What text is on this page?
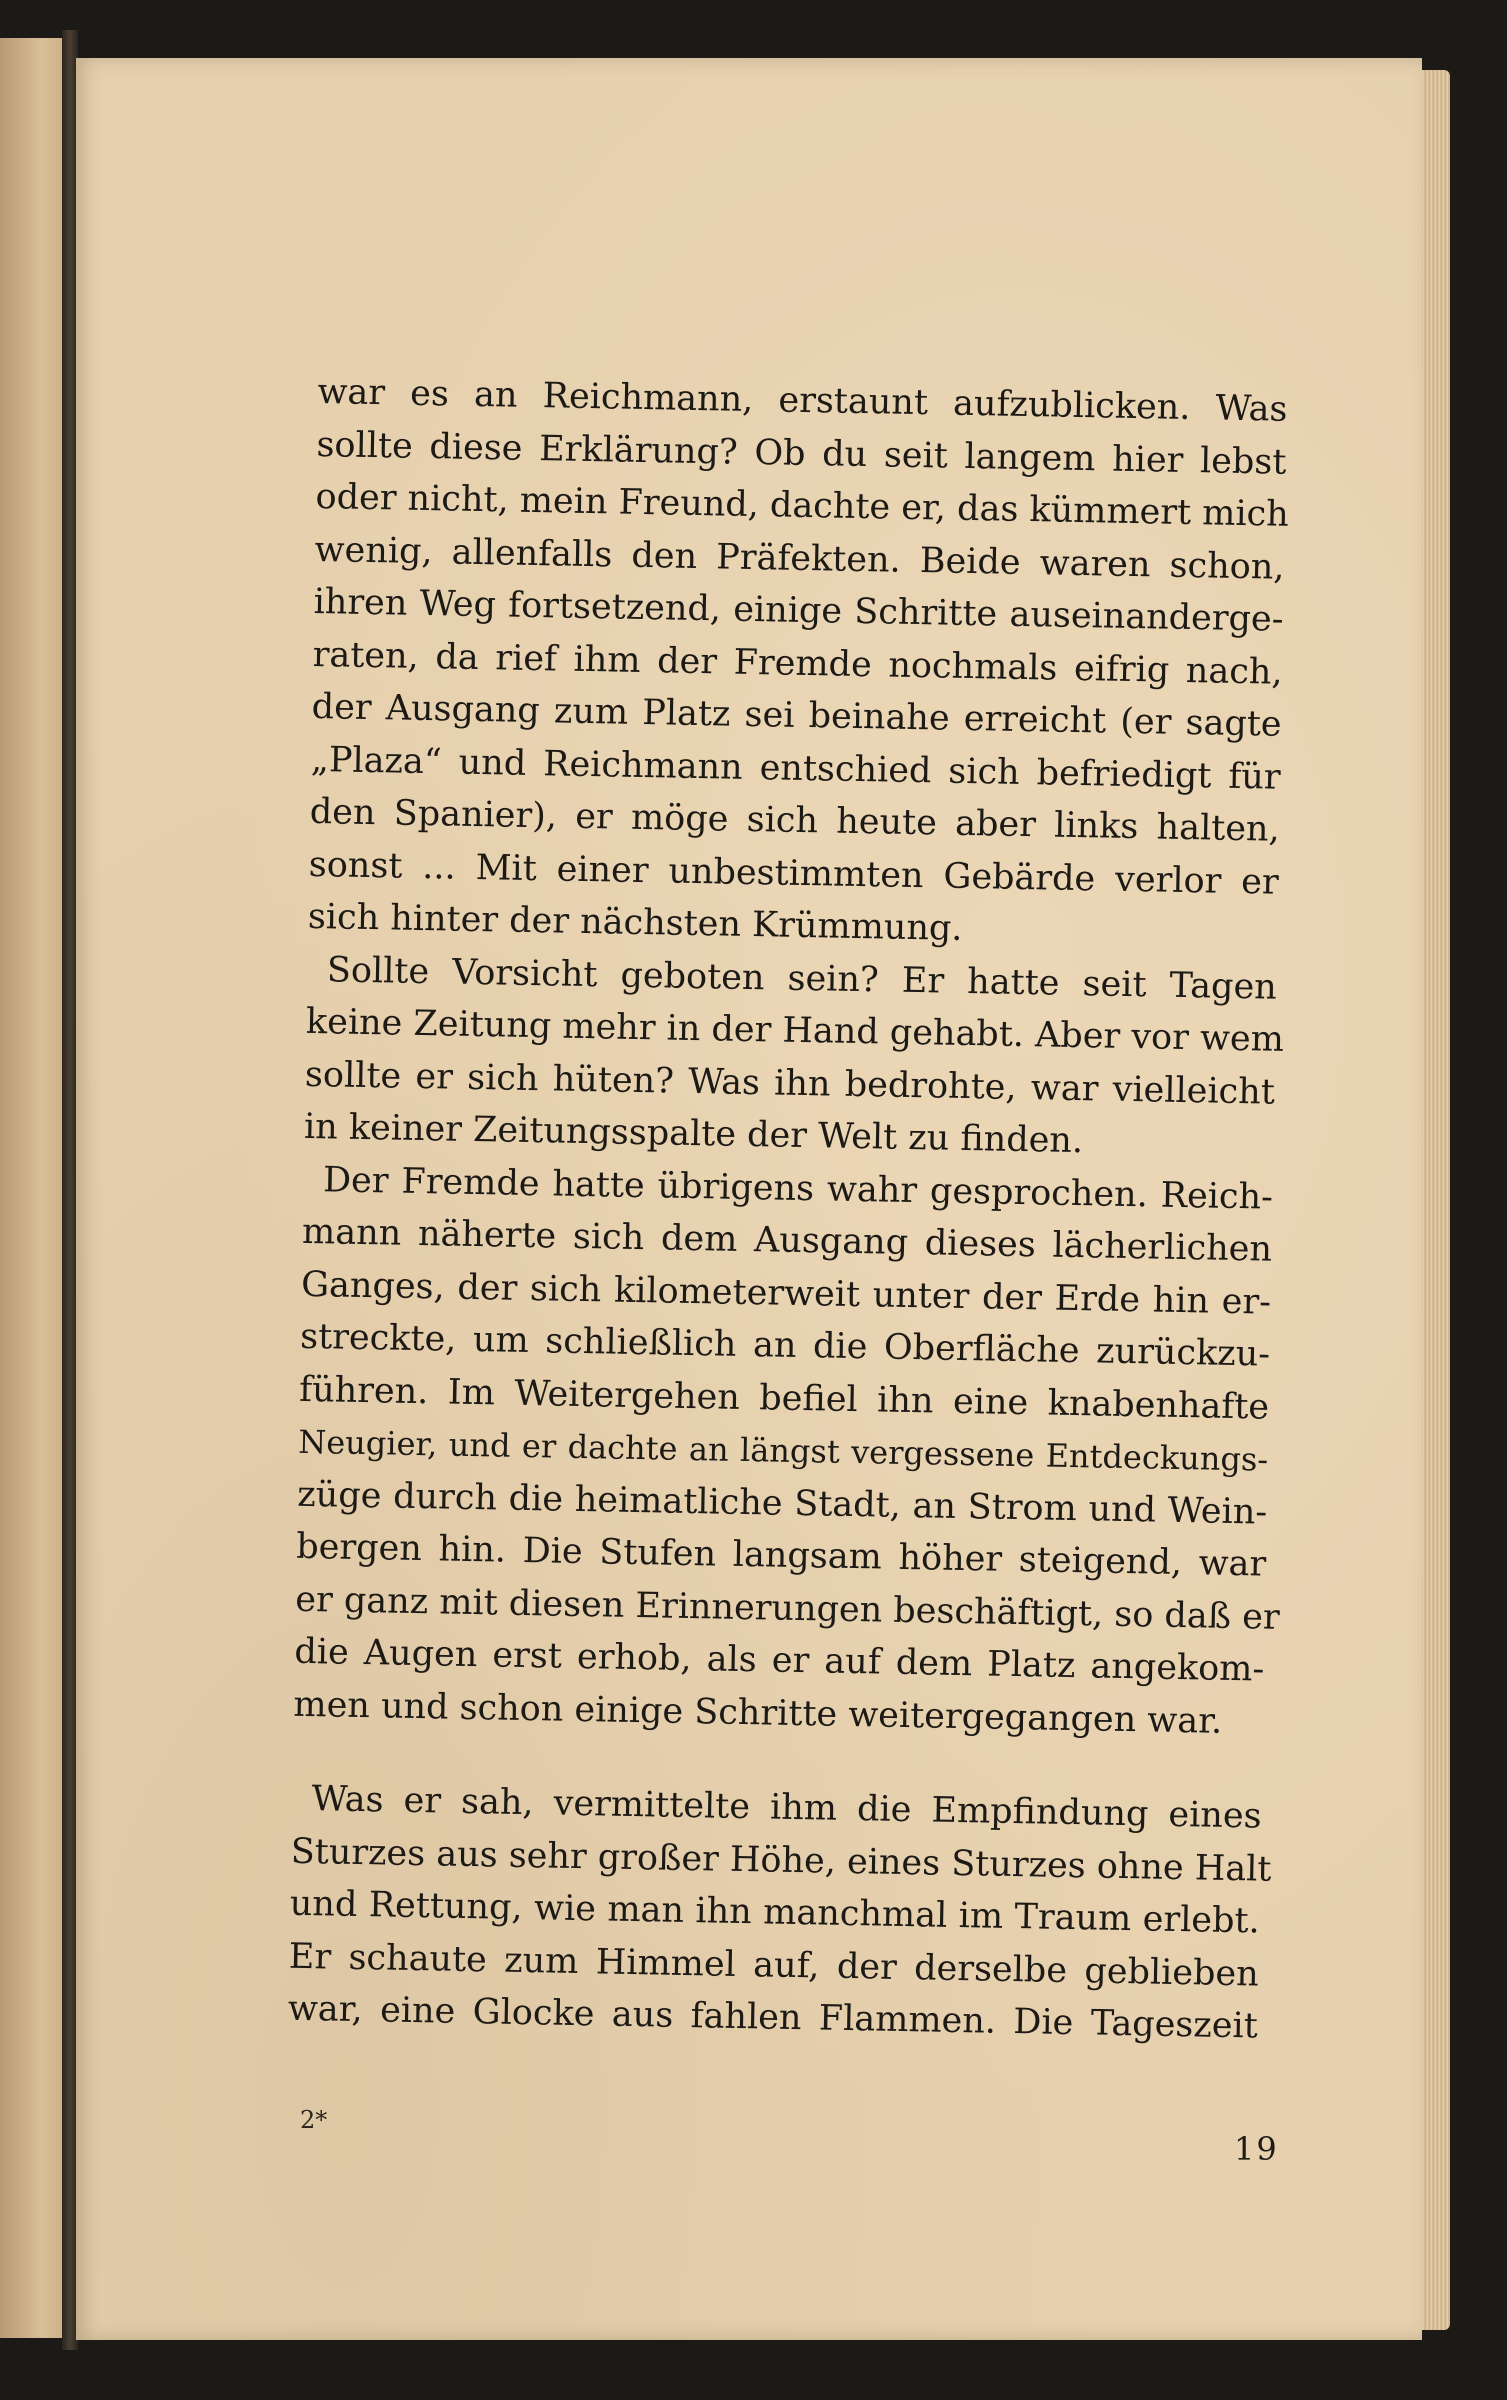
war es an Reichmann, erstaunt aufzublicken. Was
sollte diese Erklärung? Ob du seit langem hier lebst
oder nicht, mein Freund, dachte er, das kümmert mich
wenig, allenfalls den Präfekten. Beide waren schon,
ihren Weg fortsetzend, einige Schritte auseinanderge-
raten, da rief ihm der Fremde nochmals eifrig nach,
der Ausgang zum Platz sei beinahe erreicht (er sagte
„Plaza“ und Reichmann entschied sich befriedigt für
den Spanier), er möge sich heute aber links halten,
sonst ... Mit einer unbestimmten Gebärde verlor er
sich hinter der nächsten Krümmung.
Sollte Vorsicht geboten sein? Er hatte seit Tagen
keine Zeitung mehr in der Hand gehabt. Aber vor wem
sollte er sich hüten? Was ihn bedrohte, war vielleicht
in keiner Zeitungsspalte der Welt zu finden.
Der Fremde hatte übrigens wahr gesprochen. Reich-
mann näherte sich dem Ausgang dieses lächerlichen
Ganges, der sich kilometerweit unter der Erde hin er-
streckte, um schließlich an die Oberfläche zurückzu-
führen. Im Weitergehen befiel ihn eine knabenhafte
Neugier, und er dachte an längst vergessene Entdeckungs-
züge durch die heimatliche Stadt, an Strom und Wein-
bergen hin. Die Stufen langsam höher steigend, war
er ganz mit diesen Erinnerungen beschäftigt, so daß er
die Augen erst erhob, als er auf dem Platz angekom-
men und schon einige Schritte weitergegangen war.
Was er sah, vermittelte ihm die Empfindung eines
Sturzes aus sehr großer Höhe, eines Sturzes ohne Halt
und Rettung, wie man ihn manchmal im Traum erlebt.
Er schaute zum Himmel auf, der derselbe geblieben
war, eine Glocke aus fahlen Flammen. Die Tageszeit
2*
19
